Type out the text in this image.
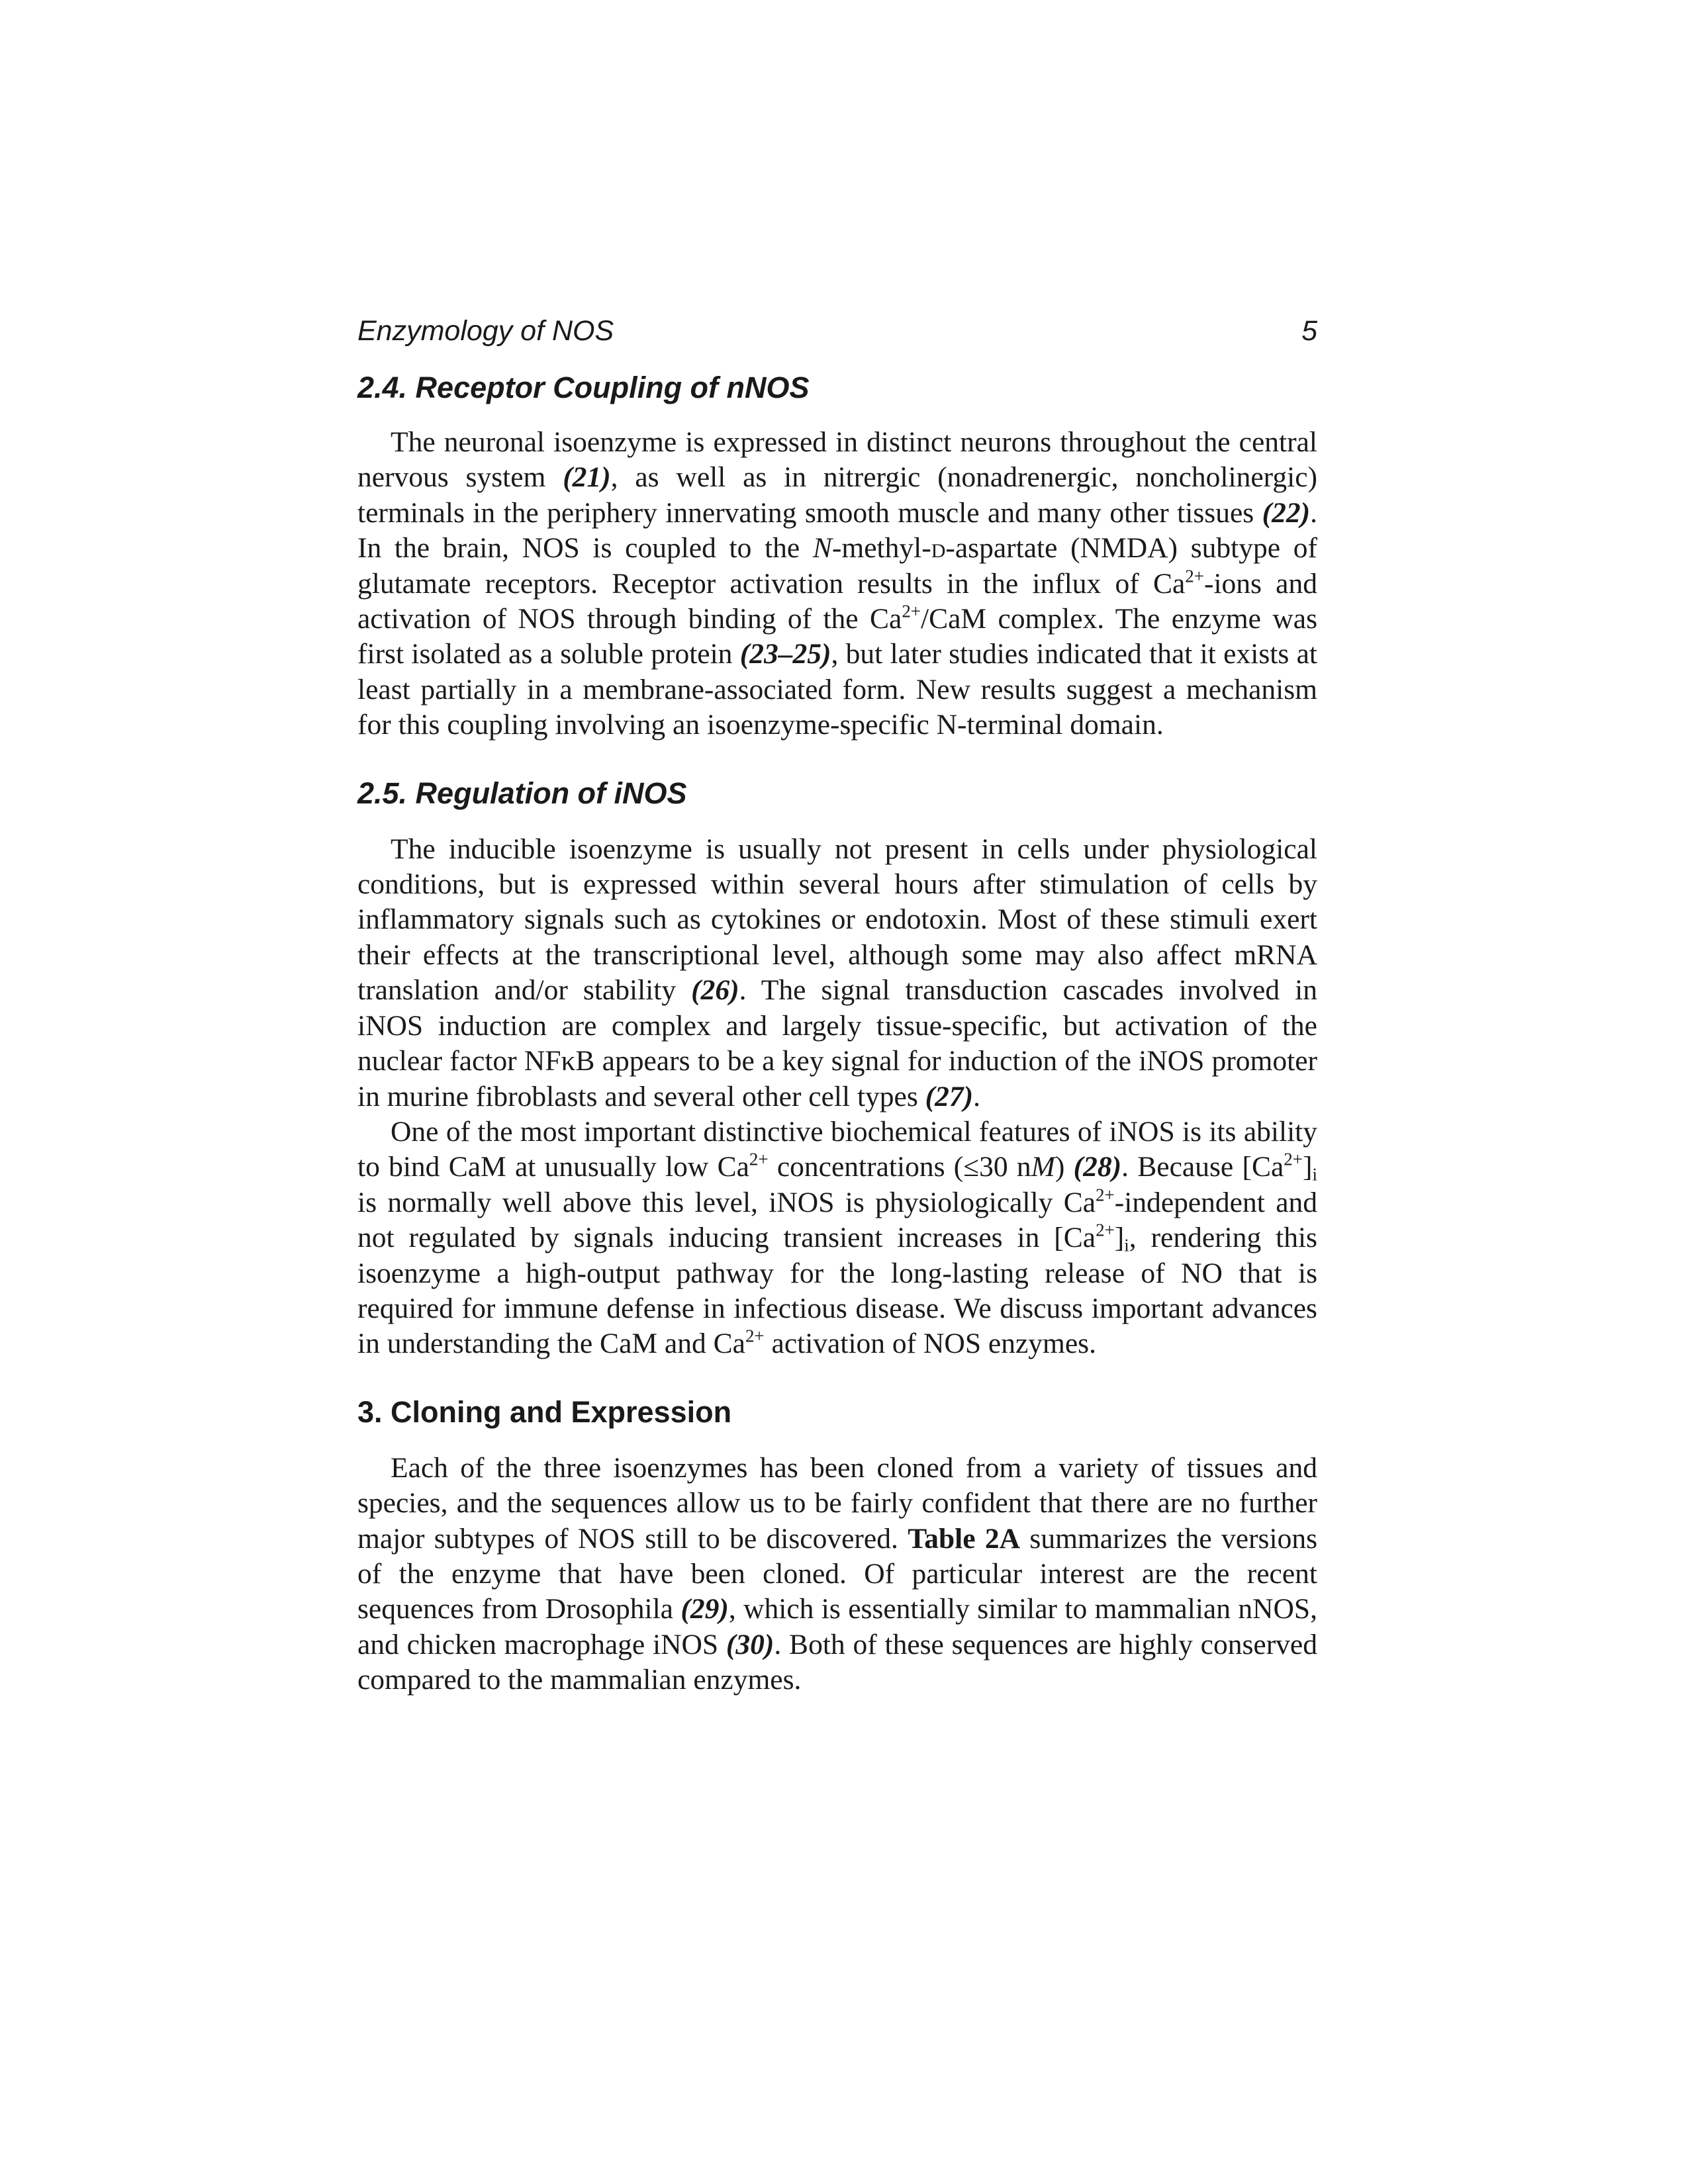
Enzymology of NOS	5
2.4. Receptor Coupling of nNOS

The neuronal isoenzyme is expressed in distinct neurons throughout the central nervous system (21), as well as in nitrergic (nonadrenergic, noncholinergic) terminals in the periphery innervating smooth muscle and many other tissues (22). In the brain, NOS is coupled to the N-methyl-d-aspartate (NMDA) subtype of glutamate receptors. Receptor activation results in the influx of $Ca^{2+}$-ions and activation of NOS through binding of the $Ca^{2+}$/CaM complex. The enzyme was first isolated as a soluble protein (23–25), but later studies indicated that it exists at least partially in a membrane-associated form. New results suggest a mechanism for this coupling involving an isoenzyme-specific N-terminal domain.

2.5. Regulation of iNOS

The inducible isoenzyme is usually not present in cells under physiological conditions, but is expressed within several hours after stimulation of cells by inflammatory signals such as cytokines or endotoxin. Most of these stimuli exert their effects at the transcriptional level, although some may also affect mRNA translation and/or stability (26). The signal transduction cascades involved in iNOS induction are complex and largely tissue-specific, but activation of the nuclear factor NFκB appears to be a key signal for induction of the iNOS promoter in murine fibroblasts and several other cell types (27).

One of the most important distinctive biochemical features of iNOS is its ability to bind CaM at unusually low $Ca^{2+}$ concentrations (≤30 nM) (28). Because $[Ca^{2+}]_i$ is normally well above this level, iNOS is physiologically $Ca^{2+}$-independent and not regulated by signals inducing transient increases in $[Ca^{2+}]_i$, rendering this isoenzyme a high-output pathway for the long-lasting release of NO that is required for immune defense in infectious disease. We discuss important advances in understanding the CaM and $Ca^{2+}$ activation of NOS enzymes.

3. Cloning and Expression

Each of the three isoenzymes has been cloned from a variety of tissues and species, and the sequences allow us to be fairly confident that there are no further major subtypes of NOS still to be discovered. Table 2A summarizes the versions of the enzyme that have been cloned. Of particular interest are the recent sequences from Drosophila (29), which is essentially similar to mammalian nNOS, and chicken macrophage iNOS (30). Both of these sequences are highly conserved compared to the mammalian enzymes.
